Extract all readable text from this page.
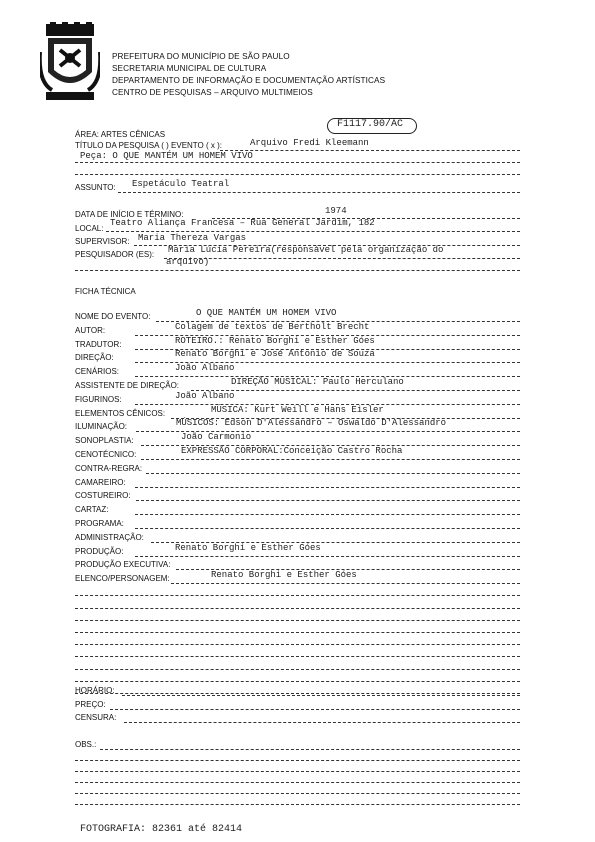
PREFEITURA DO MUNICÍPIO DE SÃO PAULO
SECRETARIA MUNICIPAL DE CULTURA
DEPARTAMENTO DE INFORMAÇÃO E DOCUMENTAÇÃO ARTÍSTICAS
CENTRO DE PESQUISAS – ARQUIVO MULTIMEIOS
F1117.90/AC
ÁREA: ARTES CÊNICAS
TÍTULO DA PESQUISA ( ) EVENTO ( x ):	Arquivo Fredi Kleemann
Peça: O QUE MANTÉM UM HOMEM VIVO
ASSUNTO: Espetáculo Teatral
DATA DE INÍCIO E TÉRMINO:	1974
LOCAL:
Teatro Aliança Francesa – Rua General Jardim, 182
SUPERVISOR: Maria Thereza Vargas
PESQUISADOR (ES): Maria Lúcia Pereira(responsável pela organização do
arquivo)
FICHA TÉCNICA
NOME DO EVENTO:	O QUE MANTÉM UM HOMEM VIVO
AUTOR:	Colagem de textos de Bertholt Brecht
TRADUTOR:	ROTEIRO.: Renato Borghi e Esther Góes
DIREÇÃO:	Renato Borghi e José Antonio de Souza
CENÁRIOS:	João Albano
ASSISTENTE DE DIREÇÃO:	DIREÇÃO MUSICAL: Paulo Herculano
FIGURINOS:	João Albano
ELEMENTOS CÊNICOS:	MÚSICA: Kurt Weill e Hans Eisler
ILUMINAÇÃO:	MÚSICOS: Edson D'Alessandro – Oswaldo D'Alessandro
SONOPLASTIA:	João Carmonio
CENOTÉCNICO:	EXPRESSÃO CORPORAL:Conceição Castro Rocha
CONTRA-REGRA:
CAMAREIRO:
COSTUREIRO:
CARTAZ:
PROGRAMA:
ADMINISTRAÇÃO:
PRODUÇÃO:	Renato Borghi e Esther Góes
PRODUÇÃO EXECUTIVA:
ELENCO/PERSONAGEM:	Renato Borghi e Esther Góes
HORÁRIO:
PREÇO:
CENSURA:
OBS.:
FOTOGRAFIA: 82361 até 82414
